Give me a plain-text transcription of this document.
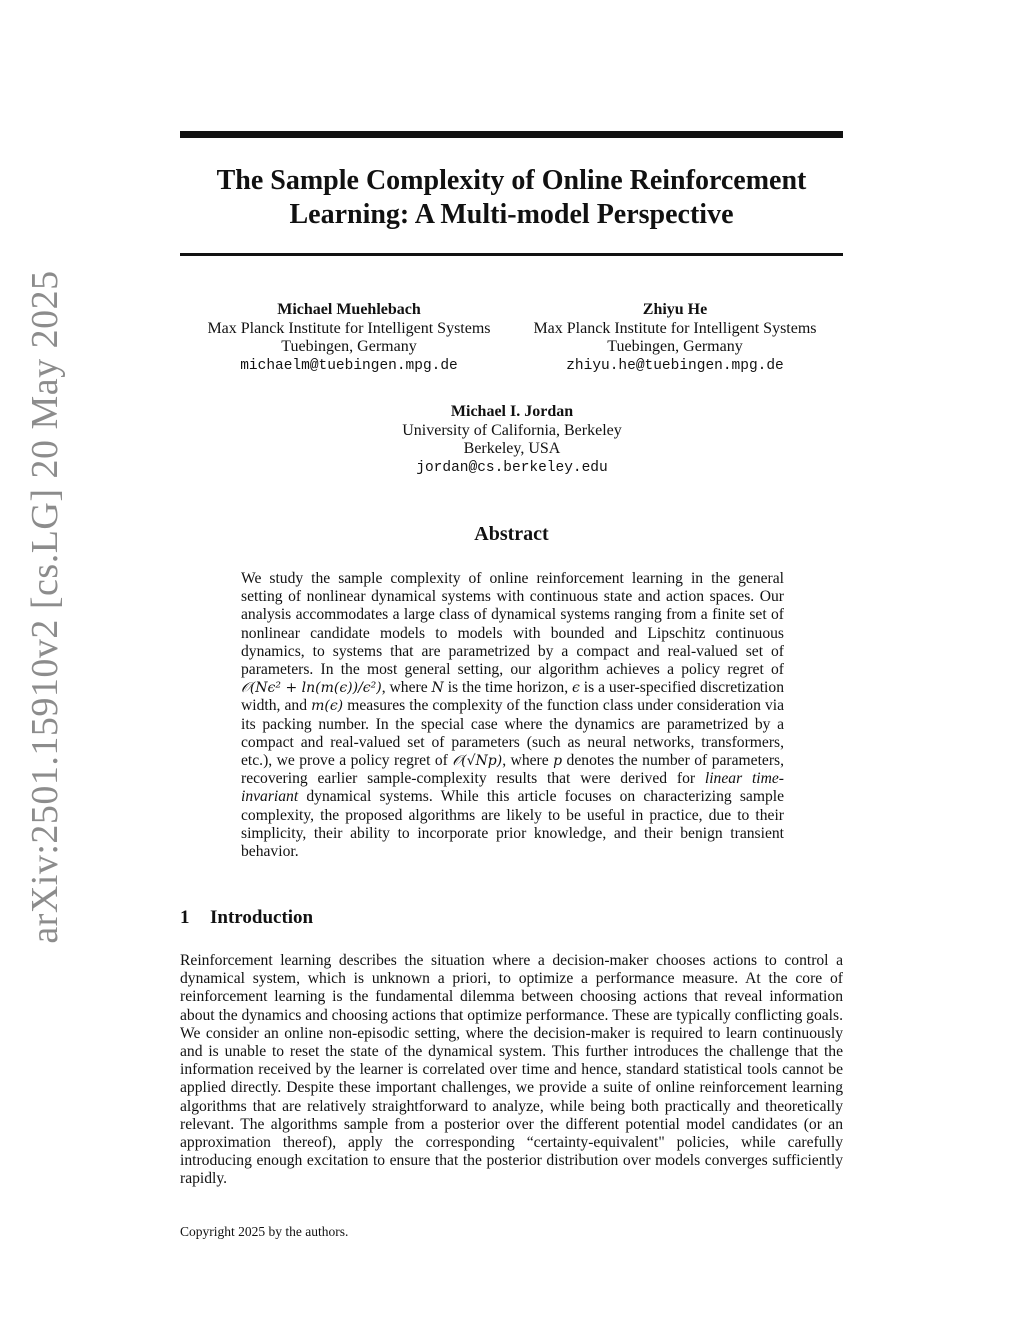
arXiv:2501.15910v2 [cs.LG] 20 May 2025
The Sample Complexity of Online Reinforcement
Learning: A Multi-model Perspective
Michael Muehlebach
Max Planck Institute for Intelligent Systems
Tuebingen, Germany
michaelm@tuebingen.mpg.de
Zhiyu He
Max Planck Institute for Intelligent Systems
Tuebingen, Germany
zhiyu.he@tuebingen.mpg.de
Michael I. Jordan
University of California, Berkeley
Berkeley, USA
jordan@cs.berkeley.edu
Abstract
We study the sample complexity of online reinforcement learning in the general setting of nonlinear dynamical systems with continuous state and action spaces. Our analysis accommodates a large class of dynamical systems ranging from a finite set of nonlinear candidate models to models with bounded and Lipschitz continuous dynamics, to systems that are parametrized by a compact and real-valued set of parameters. In the most general setting, our algorithm achieves a policy regret of 𝒪(Nϵ² + ln(m(ϵ))/ϵ²), where N is the time horizon, ϵ is a user-specified discretization width, and m(ϵ) measures the complexity of the function class under consideration via its packing number. In the special case where the dynamics are parametrized by a compact and real-valued set of parameters (such as neural networks, transformers, etc.), we prove a policy regret of 𝒪(√Np), where p denotes the number of parameters, recovering earlier sample-complexity results that were derived for linear time-invariant dynamical systems. While this article focuses on characterizing sample complexity, the proposed algorithms are likely to be useful in practice, due to their simplicity, their ability to incorporate prior knowledge, and their benign transient behavior.
1 Introduction
Reinforcement learning describes the situation where a decision-maker chooses actions to control a dynamical system, which is unknown a priori, to optimize a performance measure. At the core of reinforcement learning is the fundamental dilemma between choosing actions that reveal information about the dynamics and choosing actions that optimize performance. These are typically conflicting goals. We consider an online non-episodic setting, where the decision-maker is required to learn continuously and is unable to reset the state of the dynamical system. This further introduces the challenge that the information received by the learner is correlated over time and hence, standard statistical tools cannot be applied directly. Despite these important challenges, we provide a suite of online reinforcement learning algorithms that are relatively straightforward to analyze, while being both practically and theoretically relevant. The algorithms sample from a posterior over the different potential model candidates (or an approximation thereof), apply the corresponding “certainty-equivalent" policies, while carefully introducing enough excitation to ensure that the posterior distribution over models converges sufficiently rapidly.
Copyright 2025 by the authors.
